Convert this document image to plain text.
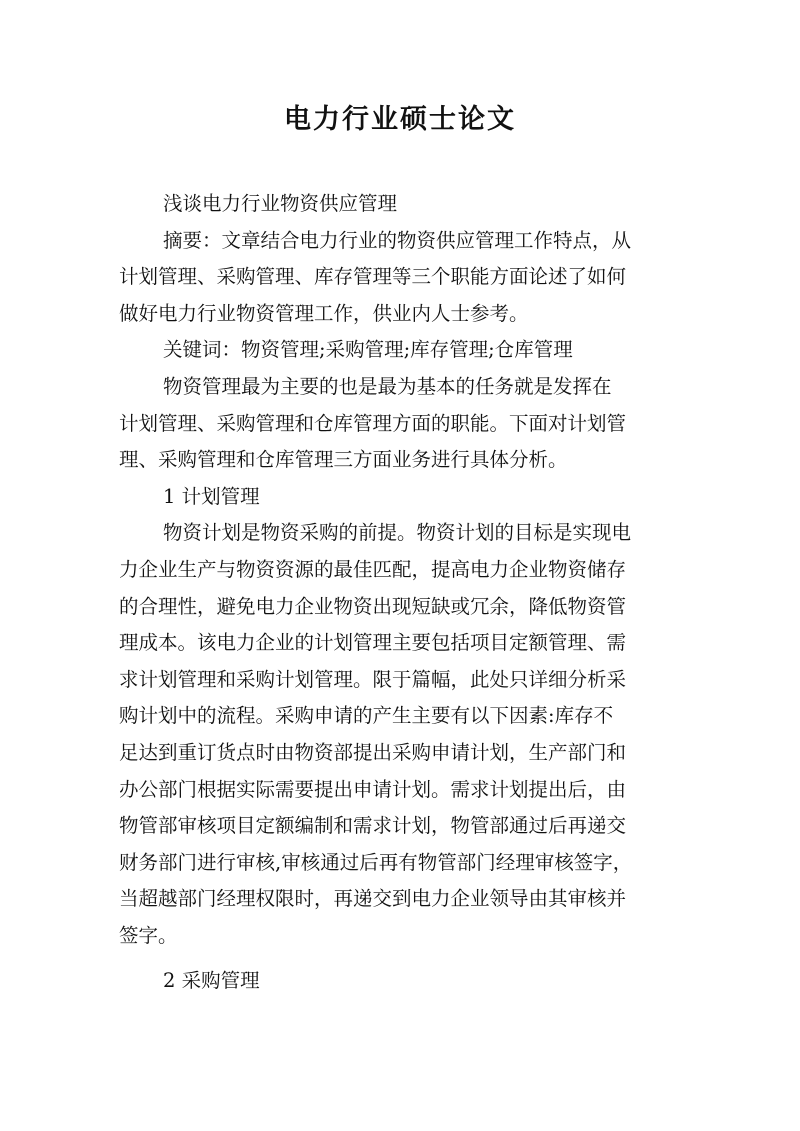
电力行业硕士论文
浅谈电力行业物资供应管理
摘要：文章结合电力行业的物资供应管理工作特点，从
计划管理、采购管理、库存管理等三个职能方面论述了如何
做好电力行业物资管理工作，供业内人士参考。
关键词：物资管理;采购管理;库存管理;仓库管理
物资管理最为主要的也是最为基本的任务就是发挥在
计划管理、采购管理和仓库管理方面的职能。下面对计划管
理、采购管理和仓库管理三方面业务进行具体分析。
1 计划管理
物资计划是物资采购的前提。物资计划的目标是实现电
力企业生产与物资资源的最佳匹配，提高电力企业物资储存
的合理性，避免电力企业物资出现短缺或冗余，降低物资管
理成本。该电力企业的计划管理主要包括项目定额管理、需
求计划管理和采购计划管理。限于篇幅，此处只详细分析采
购计划中的流程。采购申请的产生主要有以下因素:库存不
足达到重订货点时由物资部提出采购申请计划，生产部门和
办公部门根据实际需要提出申请计划。需求计划提出后，由
物管部审核项目定额编制和需求计划，物管部通过后再递交
财务部门进行审核,审核通过后再有物管部门经理审核签字，
当超越部门经理权限时，再递交到电力企业领导由其审核并
签字。
2 采购管理
